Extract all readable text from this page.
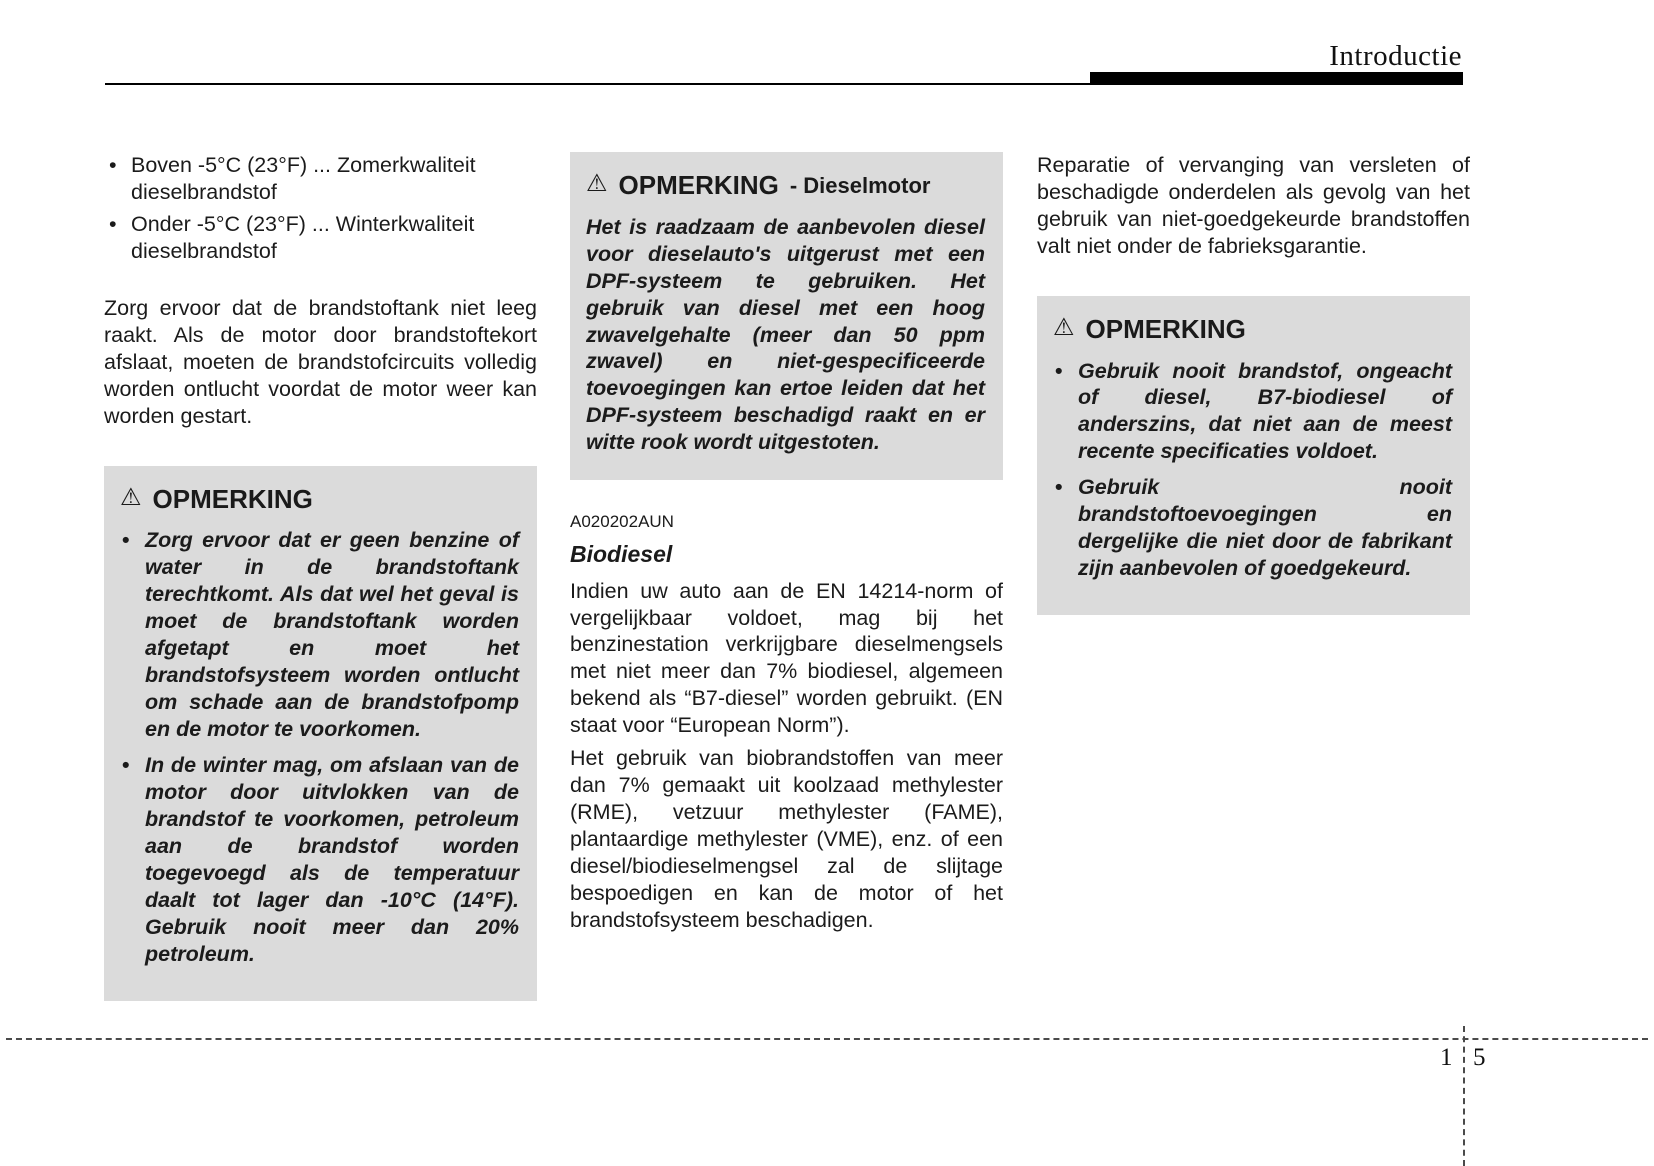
Introductie
• Boven -5°C (23°F) ... Zomerkwaliteit dieselbrandstof
• Onder -5°C (23°F) ... Winterkwaliteit dieselbrandstof

Zorg ervoor dat de brandstoftank niet leeg raakt. Als de motor door brandstoftekort afslaat, moeten de brandstofcircuits volledig worden ontlucht voordat de motor weer kan worden gestart.

⚠ OPMERKING
• Zorg ervoor dat er geen benzine of water in de brandstoftank terechtkomt. Als dat wel het geval is moet de brandstoftank worden afgetapt en moet het brandstofsysteem worden ontlucht om schade aan de brandstofpomp en de motor te voorkomen.
• In de winter mag, om afslaan van de motor door uitvlokken van de brandstof te voorkomen, petroleum aan de brandstof worden toegevoegd als de temperatuur daalt tot lager dan -10°C (14°F). Gebruik nooit meer dan 20% petroleum.
⚠ OPMERKING - Dieselmotor
Het is raadzaam de aanbevolen diesel voor dieselauto's uitgerust met een DPF-systeem te gebruiken. Het gebruik van diesel met een hoog zwavelgehalte (meer dan 50 ppm zwavel) en niet-gespecificeerde toevoegingen kan ertoe leiden dat het DPF-systeem beschadigd raakt en er witte rook wordt uitgestoten.
A020202AUN
Biodiesel

Indien uw auto aan de EN 14214-norm of vergelijkbaar voldoet, mag bij het benzinestation verkrijgbare dieselmengsels met niet meer dan 7% biodiesel, algemeen bekend als “B7-diesel” worden gebruikt. (EN staat voor “European Norm”).

Het gebruik van biobrandstoffen van meer dan 7% gemaakt uit koolzaad methylester (RME), vetzuur methylester (FAME), plantaardige methylester (VME), enz. of een diesel/biodieselmengsel zal de slijtage bespoedigen en kan de motor of het brandstofsysteem beschadigen.

Reparatie of vervanging van versleten of beschadigde onderdelen als gevolg van het gebruik van niet-goedgekeurde brandstoffen valt niet onder de fabrieksgarantie.

⚠ OPMERKING
• Gebruik nooit brandstof, ongeacht of diesel, B7-biodiesel of anderszins, dat niet aan de meest recente specificaties voldoet.
• Gebruik nooit brandstoftoevoegingen en dergelijke die niet door de fabrikant zijn aanbevolen of goedgekeurd.
1 5
